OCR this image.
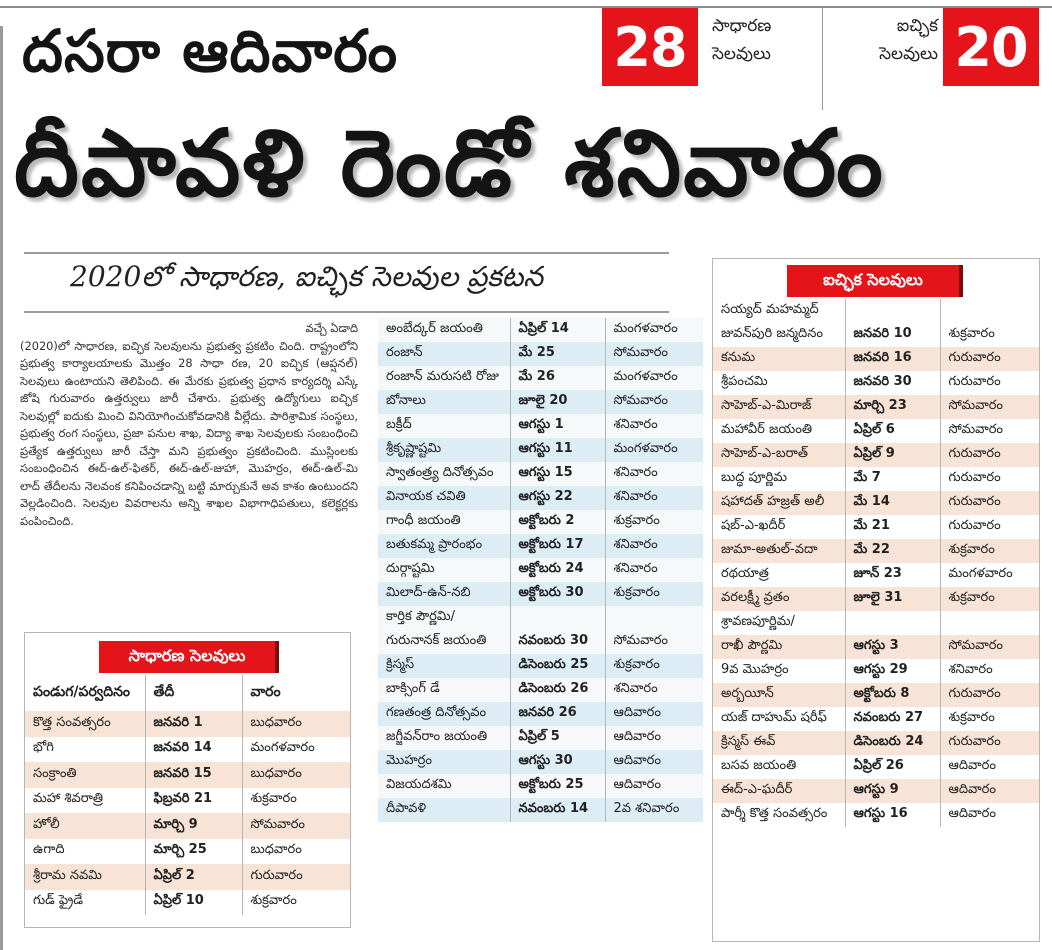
దసరా ఆదివారం	28	సాధారణ
సెలవులు
ఐచ్ఛిక
సెలవులు 20
దీపావళి రెండో శనివారం
2020లో సాధారణ, ఐచ్ఛిక సెలవుల ప్రకటన
వచ్చే ఏడాది
(2020)లో సాధారణ, ఐచ్ఛిక సెలవులను ప్రభుత్వ ప్రకటిం చింది. రాష్ట్రంలోని ప్రభుత్వ కార్యాలయాలకు మొత్తం 28 సాధా రణ, 20 ఐచ్ఛిక (ఆప్షనల్) సెలవులు ఉంటాయని తెలిపింది. ఈ మేరకు ప్రభుత్వ ప్రధాన కార్యదర్శి ఎస్కే జోషి గురువారం ఉత్తర్వులు జారీ చేశారు. ప్రభుత్వ ఉద్యోగులు ఐచ్ఛిక సెలవుల్లో ఐదుకు మించి వినియోగించుకోవడానికి వీల్లేదు. పారిశ్రామిక సంస్థలు, ప్రభుత్వ రంగ సంస్థలు, ప్రజా పనుల శాఖ, విద్యా శాఖ సెలవులకు సంబంధించి ప్రత్యేక ఉత్తర్వులు జారీ చేస్తా మని ప్రభుత్వం ప్రకటించింది. ముస్లింలకు సంబంధించిన ఈద్-ఉల్-ఫితర్, ఈద్-ఉల్-జుహా, మొహర్రం, ఈద్-ఉల్-మి లాద్ తేదీలను నెలవంక కనిపించడాన్ని బట్టి మార్చుకునే అవ కాశం ఉంటుందని వెల్లడించింది. సెలవుల వివరాలను అన్ని శాఖల విభాగాధిపతులు, కలెక్టర్లకు పంపించింది.
సాధారణ సెలవులు
పండుగ/పర్వదినం	తేదీ	వారం
కొత్త సంవత్సరం	జనవరి 1	బుధవారం
భోగి	జనవరి 14	మంగళవారం
సంక్రాంతి	జనవరి 15	బుధవారం
మహా శివరాత్రి	ఫిబ్రవరి 21	శుక్రవారం
హోలీ	మార్చి 9	సోమవారం
ఉగాది	మార్చి 25	బుధవారం
శ్రీరామ నవమి	ఏప్రిల్ 2	గురువారం
గుడ్ ఫ్రైడే	ఏప్రిల్ 10	శుక్రవారం
అంబేద్కర్ జయంతి	ఏప్రిల్ 14	మంగళవారం
రంజాన్	మే 25	సోమవారం
రంజాన్ మరుసటి రోజు	మే 26	మంగళవారం
బోనాలు	జూలై 20	సోమవారం
బక్రీద్	ఆగస్టు 1	శనివారం
శ్రీకృష్ణాష్టమి	ఆగస్టు 11	మంగళవారం
స్వాతంత్ర్య దినోత్సవం	ఆగస్టు 15	శనివారం
వినాయక చవితి	ఆగస్టు 22	శనివారం
గాంధీ జయంతి	అక్టోబరు 2	శుక్రవారం
బతుకమ్మ ప్రారంభం	అక్టోబరు 17	శనివారం
దుర్గాష్టమి	అక్టోబరు 24	శనివారం
మిలాద్-ఉన్-నబి	అక్టోబరు 30	శుక్రవారం
కార్తిక పౌర్ణమి/		
గురునానక్ జయంతి	నవంబరు 30	సోమవారం
క్రిస్మస్	డిసెంబరు 25	శుక్రవారం
బాక్సింగ్ డే	డిసెంబరు 26	శనివారం
గణతంత్ర దినోత్సవం	జనవరి 26	ఆదివారం
జగ్జీవన్‌రాం జయంతి	ఏప్రిల్ 5	ఆదివారం
మొహర్రం	ఆగస్టు 30	ఆదివారం
విజయదశమి	అక్టోబరు 25	ఆదివారం
దీపావళి	నవంబరు 14	2వ శనివారం
ఐచ్ఛిక సెలవులు
సయ్యద్ మహమ్మద్		
జువన్‌పురి జన్మదినం	జనవరి 10	శుక్రవారం
కనుమ	జనవరి 16	గురువారం
శ్రీపంచమి	జనవరి 30	గురువారం
సాహెబ్-ఎ-మిరాజ్	మార్చి 23	సోమవారం
మహావీర్ జయంతి	ఏప్రిల్ 6	సోమవారం
సాహెబ్-ఎ-బరాత్	ఏప్రిల్ 9	గురువారం
బుద్ధ పూర్ణిమ	మే 7	గురువారం
షహాదత్ హజ్రత్ అలీ	మే 14	గురువారం
షబ్-ఎ-ఖదీర్	మే 21	గురువారం
జుమా-అతుల్-వదా	మే 22	శుక్రవారం
రథయాత్ర	జూన్ 23	మంగళవారం
వరలక్ష్మీ వ్రతం	జూలై 31	శుక్రవారం
శ్రావణపూర్ణిమ/		
రాఖీ పౌర్ణమి	ఆగస్టు 3	సోమవారం
9వ మొహర్రం	ఆగస్టు 29	శనివారం
అర్బయీన్	అక్టోబరు 8	గురువారం
యజ్ దాహుమ్ షరీఫ్	నవంబరు 27	శుక్రవారం
క్రిస్మస్ ఈవ్	డిసెంబరు 24	గురువారం
బసవ జయంతి	ఏప్రిల్ 26	ఆదివారం
ఈద్-ఎ-ఘదీర్	ఆగస్టు 9	ఆదివారం
పార్శీ కొత్త సంవత్సరం	ఆగస్టు 16	ఆదివారం
